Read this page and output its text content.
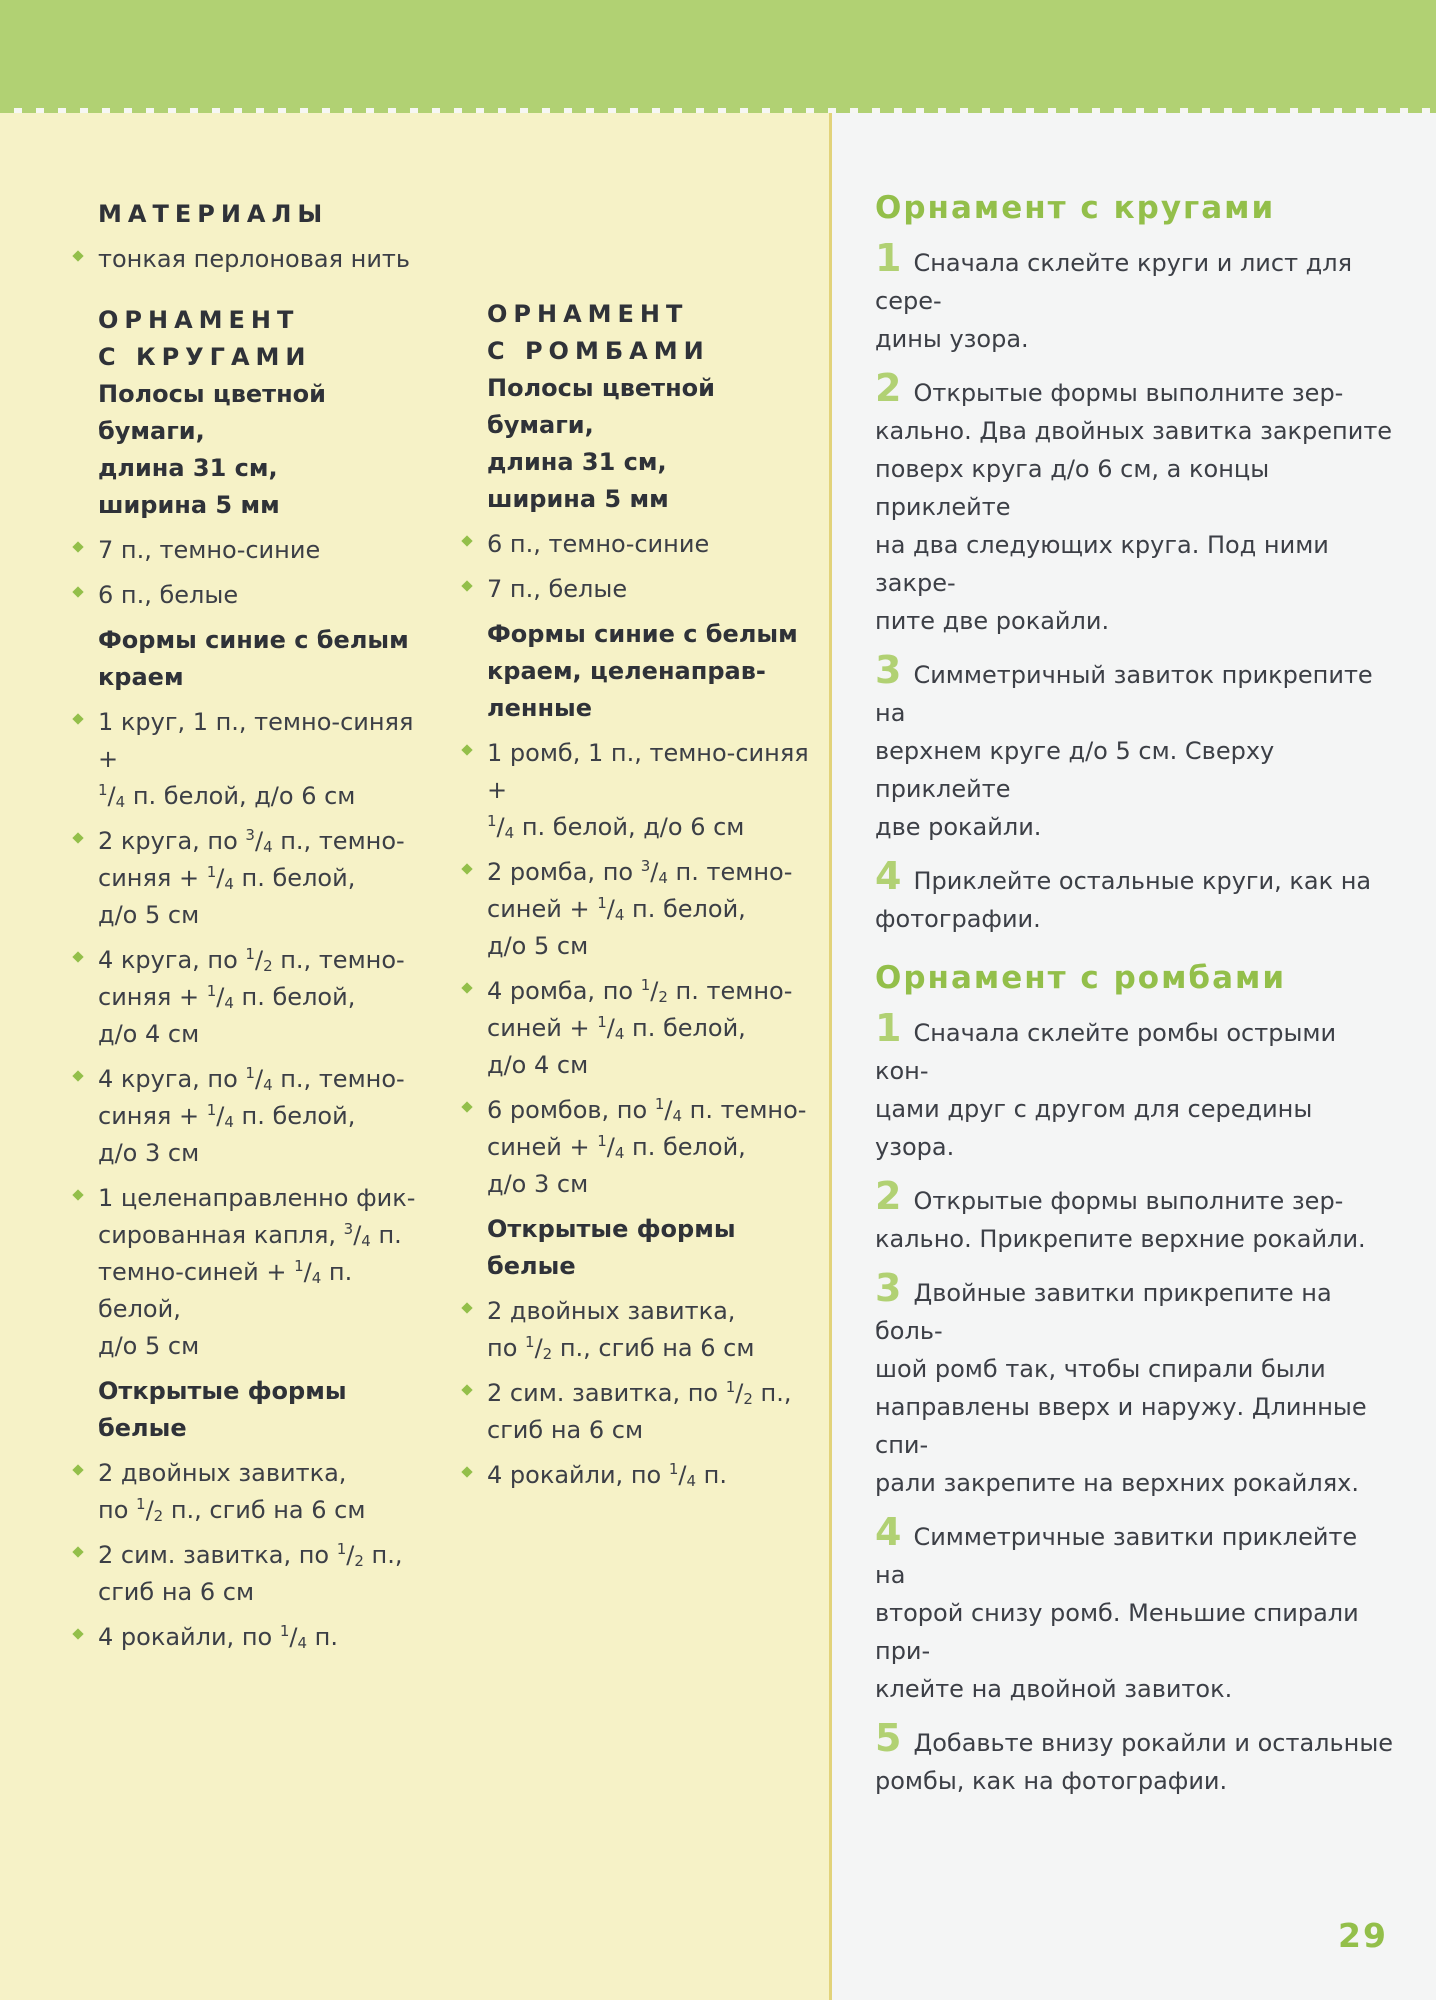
МАТЕРИАЛЫ
тонкая перлоновая нить
ОРНАМЕНТ
С КРУГАМИ
Полосы цветной бумаги,
длина 31 см,
ширина 5 мм
7 п., темно-синие
6 п., белые
Формы синие с белым
краем
1 круг, 1 п., темно-синяя +
$^1/_4$ п. белой, д/о 6 см
2 круга, по $^3/_4$ п., темно-
синяя + $^1/_4$ п. белой,
д/о 5 см
4 круга, по $^1/_2$ п., темно-
синяя + $^1/_4$ п. белой,
д/о 4 см
4 круга, по $^1/_4$ п., темно-
синяя + $^1/_4$ п. белой,
д/о 3 см
1 целенаправленно фик-
сированная капля, $^3/_4$ п.
темно-синей + $^1/_4$ п. белой,
д/о 5 см
Открытые формы белые
2 двойных завитка,
по $^1/_2$ п., сгиб на 6 см
2 сим. завитка, по $^1/_2$ п.,
сгиб на 6 см
4 рокайли, по $^1/_4$ п.
ОРНАМЕНТ
С РОМБАМИ
Полосы цветной бумаги,
длина 31 см,
ширина 5 мм
6 п., темно-синие
7 п., белые
Формы синие с белым
краем, целенаправ-
ленные
1 ромб, 1 п., темно-синяя +
$^1/_4$ п. белой, д/о 6 см
2 ромба, по $^3/_4$ п. темно-
синей + $^1/_4$ п. белой,
д/о 5 см
4 ромба, по $^1/_2$ п. темно-
синей + $^1/_4$ п. белой,
д/о 4 см
6 ромбов, по $^1/_4$ п. темно-
синей + $^1/_4$ п. белой,
д/о 3 см
Открытые формы белые
2 двойных завитка,
по $^1/_2$ п., сгиб на 6 см
2 сим. завитка, по $^1/_2$ п.,
сгиб на 6 см
4 рокайли, по $^1/_4$ п.
Орнамент с кругами
1 Сначала склейте круги и лист для сере-
дины узора.
2 Открытые формы выполните зер-
кально. Два двойных завитка закрепите
поверх круга д/о 6 см, а концы приклейте
на два следующих круга. Под ними закре-
пите две рокайли.
3 Симметричный завиток прикрепите на
верхнем круге д/о 5 см. Сверху приклейте
две рокайли.
4 Приклейте остальные круги, как на
фотографии.
Орнамент с ромбами
1 Сначала склейте ромбы острыми кон-
цами друг с другом для середины узора.
2 Открытые формы выполните зер-
кально. Прикрепите верхние рокайли.
3 Двойные завитки прикрепите на боль-
шой ромб так, чтобы спирали были
направлены вверх и наружу. Длинные спи-
рали закрепите на верхних рокайлях.
4 Симметричные завитки приклейте на
второй снизу ромб. Меньшие спирали при-
клейте на двойной завиток.
5 Добавьте внизу рокайли и остальные
ромбы, как на фотографии.
29
